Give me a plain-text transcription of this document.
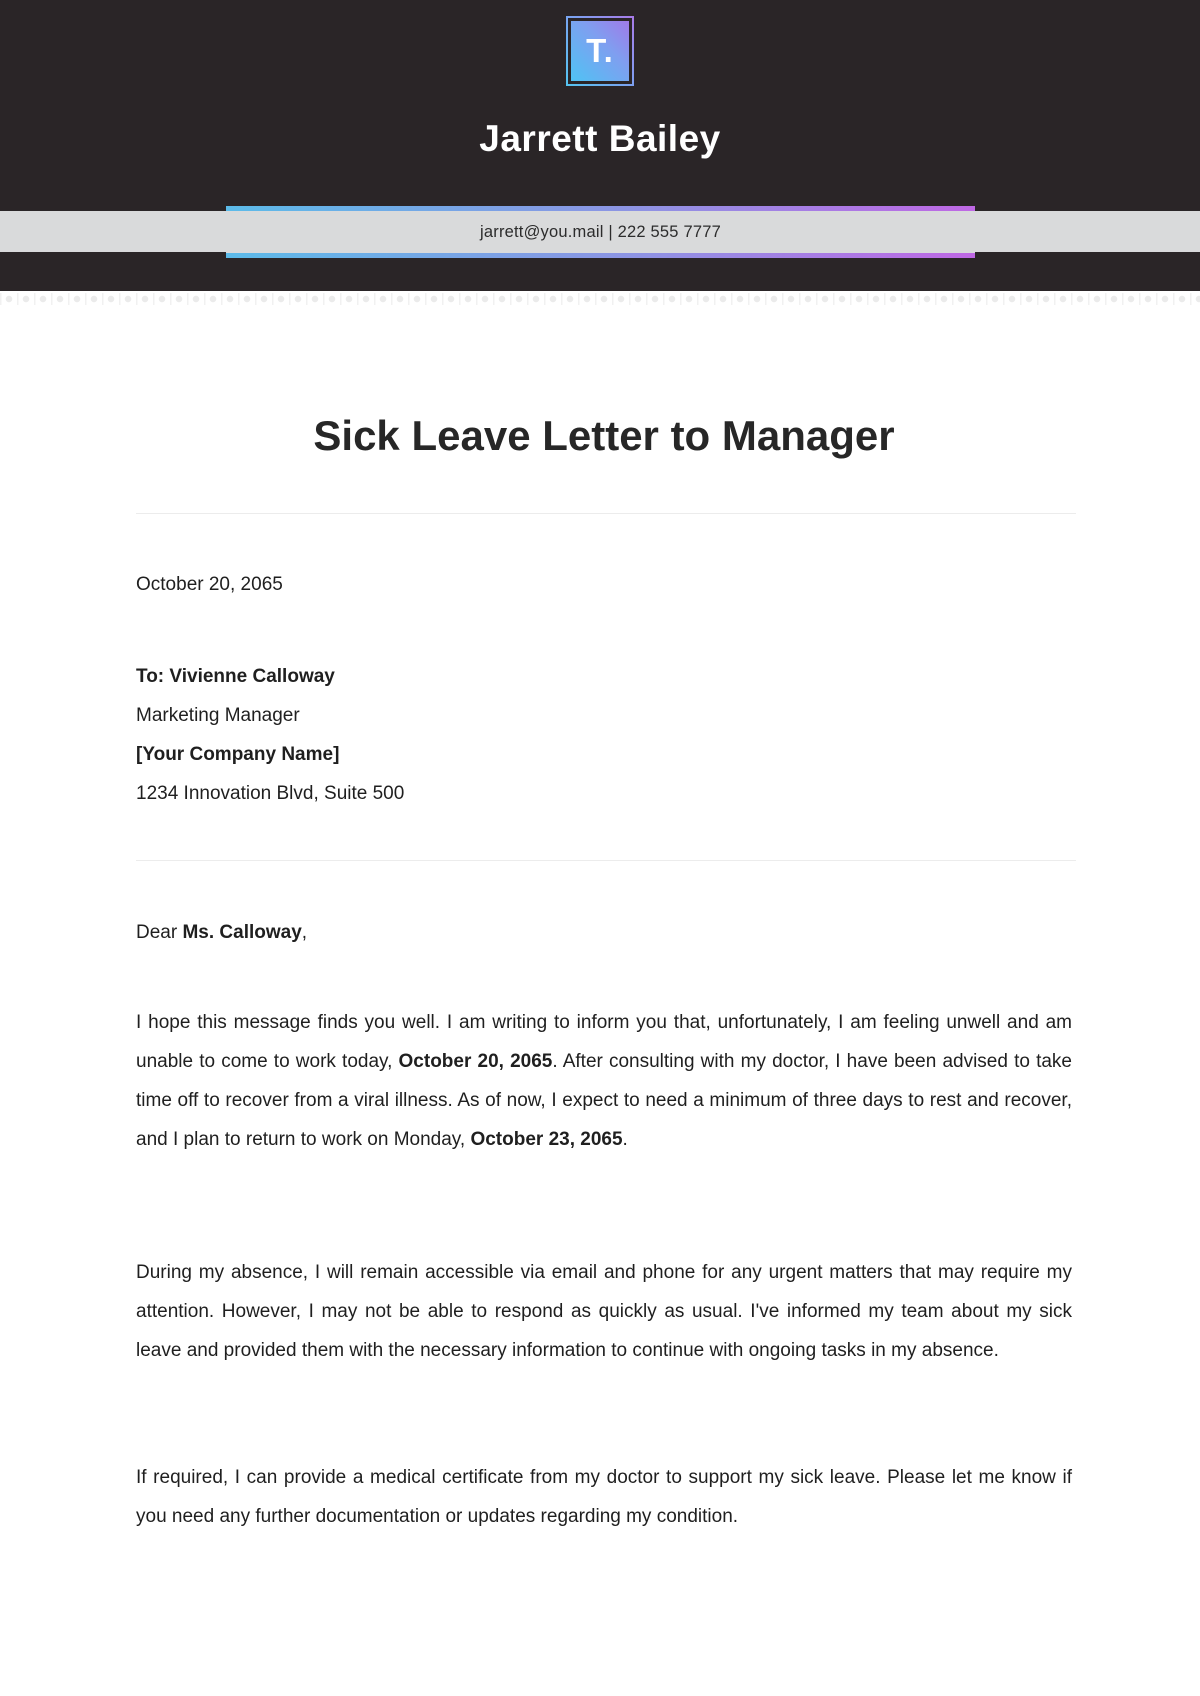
T.
Jarrett Bailey
jarrett@you.mail | 222 555 7777
Sick Leave Letter to Manager
October 20, 2065
To: Vivienne Calloway
Marketing Manager
[Your Company Name]
1234 Innovation Blvd, Suite 500
Dear Ms. Calloway,
I hope this message finds you well. I am writing to inform you that, unfortunately, I am feeling unwell and am unable to come to work today, October 20, 2065. After consulting with my doctor, I have been advised to take time off to recover from a viral illness. As of now, I expect to need a minimum of three days to rest and recover, and I plan to return to work on Monday, October 23, 2065.
During my absence, I will remain accessible via email and phone for any urgent matters that may require my attention. However, I may not be able to respond as quickly as usual. I've informed my team about my sick leave and provided them with the necessary information to continue with ongoing tasks in my absence.
If required, I can provide a medical certificate from my doctor to support my sick leave. Please let me know if you need any further documentation or updates regarding my condition.
